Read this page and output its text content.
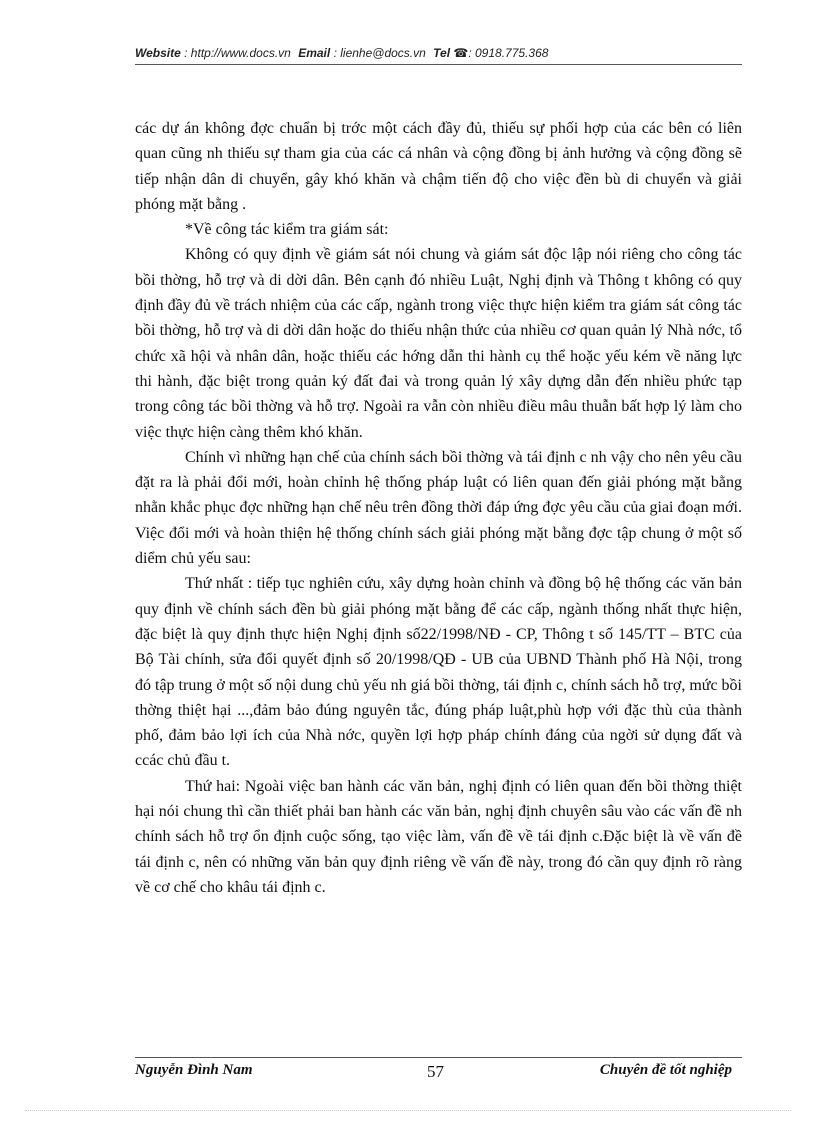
Website : http://www.docs.vn Email : lienhe@docs.vn Tel ☎: 0918.775.368

các dự án không đợc chuẩn bị trớc một cách đầy đủ, thiếu sự phối hợp của các bên có liên quan cũng nh thiếu sự tham gia của các cá nhân và cộng đồng bị ảnh hưởng và cộng đồng sẽ tiếp nhận dân di chuyển, gây khó khăn và chậm tiến độ cho việc đền bù di chuyển và giải phóng mặt bằng .

*Về công tác kiểm tra giám sát:

Không có quy định về giám sát nói chung và giám sát độc lập nói riêng cho công tác bồi thờng, hỗ trợ và di dời dân. Bên cạnh đó nhiều Luật, Nghị định và Thông t không có quy định đầy đủ về trách nhiệm của các cấp, ngành trong việc thực hiện kiểm tra giám sát công tác bồi thờng, hỗ trợ và di dời dân hoặc do thiếu nhận thức của nhiều cơ quan quản lý Nhà nớc, tổ chức xã hội và nhân dân, hoặc thiếu các hớng dẫn thi hành cụ thể hoặc yếu kém về năng lực thi hành, đặc biệt trong quản ký đất đai và trong quản lý xây dựng dẫn đến nhiều phức tạp trong công tác bồi thờng và hỗ trợ. Ngoài ra vẫn còn nhiều điều mâu thuẫn bất hợp lý làm cho việc thực hiện càng thêm khó khăn.

Chính vì những hạn chế của chính sách bồi thờng và tái định c nh vậy cho nên yêu cầu đặt ra là phải đổi mới, hoàn chỉnh hệ thống pháp luật có liên quan đến giải phóng mặt bằng nhằn khắc phục đợc những hạn chế nêu trên đồng thời đáp ứng đợc yêu cầu của giai đoạn mới. Việc đổi mới và hoàn thiện hệ thống chính sách giải phóng mặt bằng đợc tập chung ở một số diểm chủ yếu sau:

Thứ nhất : tiếp tục nghiên cứu, xây dựng hoàn chỉnh và đồng bộ hệ thống các văn bản quy định về chính sách đền bù giải phóng mặt bằng để các cấp, ngành thống nhất thực hiện, đặc biệt là quy định thực hiện Nghị định số22/1998/NĐ - CP, Thông t số 145/TT – BTC của Bộ Tài chính, sửa đổi quyết định số 20/1998/QĐ - UB của UBND Thành phố Hà Nội, trong đó tập trung ở một số nội dung chủ yếu nh giá bồi thờng, tái định c, chính sách hỗ trợ, mức bồi thờng thiệt hại ...,đảm bảo đúng nguyên tắc, đúng pháp luật,phù hợp với đặc thù của thành phố, đảm bảo lợi ích của Nhà nớc, quyền lợi hợp pháp chính đáng của ngời sử dụng đất và ccác chủ đầu t.

Thứ hai: Ngoài việc ban hành các văn bản, nghị định có liên quan đến bồi thờng thiệt hại nói chung thì cần thiết phải ban hành các văn bản, nghị định chuyên sâu vào các vấn đề nh chính sách hỗ trợ ổn định cuộc sống, tạo việc làm, vấn đề về tái định c.Đặc biệt là về vấn đề tái định c, nên có những văn bản quy định riêng về vấn đề này, trong đó cần quy định rõ ràng về cơ chế cho khâu tái định c.

Nguyễn Đình Nam	57	Chuyên đề tốt nghiệp
